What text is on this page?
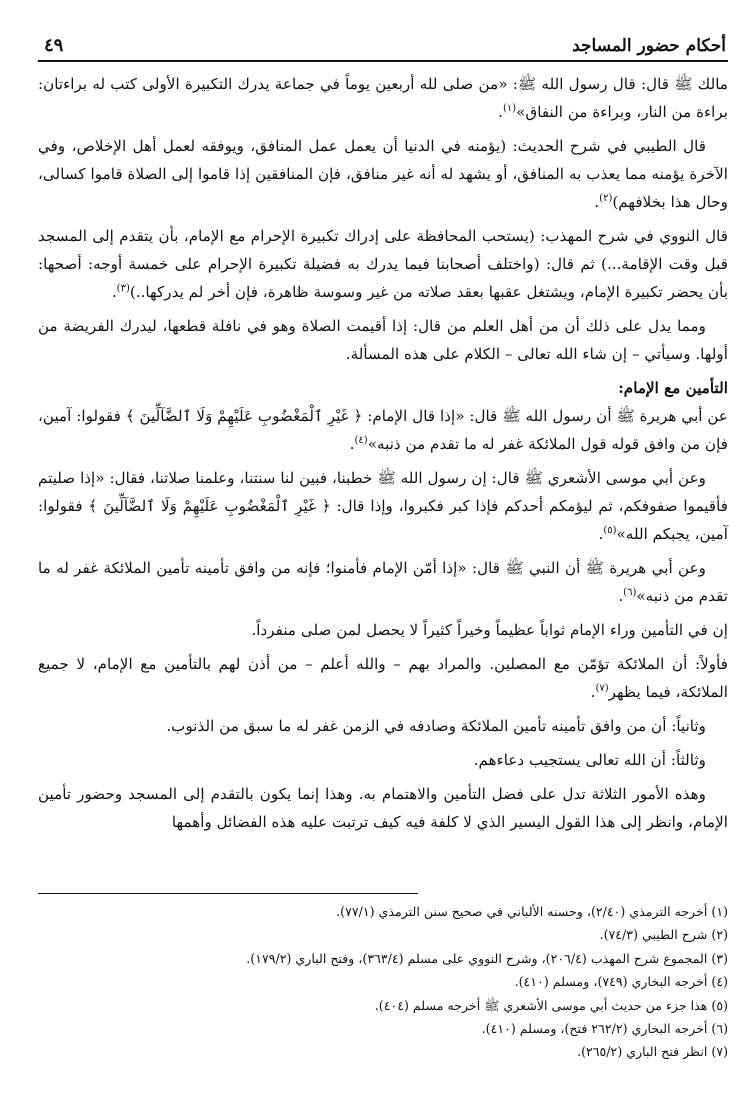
أحكام حضور المساجد
٤٩

مالك ﷺ قال: قال رسول الله ﷺ: «من صلى لله أربعين يوماً في جماعة يدرك التكبيرة الأولى كتب له براءتان: براءة من النار، وبراءة من النفاق»$^{(١)}$.

قال الطيبي في شرح الحديث: (يؤمنه في الدنيا أن يعمل عمل المنافق، ويوفقه لعمل أهل الإخلاص، وفي الآخرة يؤمنه مما يعذب به المنافق، أو يشهد له أنه غير منافق، فإن المنافقين إذا قاموا إلى الصلاة قاموا كسالى، وحال هذا بخلافهم)$^{(٢)}$.

قال النووي في شرح المهذب: (يستحب المحافظة على إدراك تكبيرة الإحرام مع الإمام، بأن يتقدم إلى المسجد قبل وقت الإقامة...) ثم قال: (واختلف أصحابنا فيما يدرك به فضيلة تكبيرة الإحرام على خمسة أوجه: أصحها: بأن يحضر تكبيرة الإمام، ويشتغل عقبها بعقد صلاته من غير وسوسة ظاهرة، فإن أخر لم يدركها..)$^{(٣)}$.

ومما يدل على ذلك أن من أهل العلم من قال: إذا أقيمت الصلاة وهو في نافلة قطعها، ليدرك الفريضة من أولها. وسيأتي – إن شاء الله تعالى – الكلام على هذه المسألة.

التأمين مع الإمام:

عن أبي هريرة ﷺ أن رسول الله ﷺ قال: «إذا قال الإمام: ﴿ غَيْرِ ٱلْمَغْضُوبِ عَلَيْهِمْ وَلَا ٱلضَّآلِّينَ ﴾ فقولوا: آمين، فإن من وافق قوله قول الملائكة غفر له ما تقدم من ذنبه»$^{(٤)}$.

وعن أبي موسى الأشعري ﷺ قال: إن رسول الله ﷺ خطبنا، فبين لنا سنتنا، وعلمنا صلاتنا، فقال: «إذا صليتم فأقيموا صفوفكم، ثم ليؤمكم أحدكم فإذا كبر فكبروا، وإذا قال: ﴿ غَيْرِ ٱلْمَغْضُوبِ عَلَيْهِمْ وَلَا ٱلضَّآلِّينَ ﴾ فقولوا: آمين، يجبكم الله»$^{(٥)}$.

وعن أبي هريرة ﷺ أن النبي ﷺ قال: «إذا أمّن الإمام فأمنوا؛ فإنه من وافق تأمينه تأمين الملائكة غفر له ما تقدم من ذنبه»$^{(٦)}$.

إن في التأمين وراء الإمام ثواباً عظيماً وخيراً كثيراً لا يحصل لمن صلى منفرداً.

فأولاً: أن الملائكة تؤمّن مع المصلين. والمراد بهم – والله أعلم – من أذن لهم بالتأمين مع الإمام، لا جميع الملائكة، فيما يظهر$^{(٧)}$.

وثانياً: أن من وافق تأمينه تأمين الملائكة وصادفه في الزمن غفر له ما سبق من الذنوب.

وثالثاً: أن الله تعالى يستجيب دعاءهم.

وهذه الأمور الثلاثة تدل على فضل التأمين والاهتمام به. وهذا إنما يكون بالتقدم إلى المسجد وحضور تأمين الإمام، وانظر إلى هذا القول اليسير الذي لا كلفة فيه كيف ترتبت عليه هذه الفضائل وأهمها

(١) أخرجه الترمذي (٢/٤٠)، وحسنه الألباني في صحيح سنن الترمذي (٧٧/١).
(٢) شرح الطيبي (٧٤/٣).
(٣) المجموع شرح المهذب (٢٠٦/٤)، وشرح النووي على مسلم (٣٦٣/٤)، وفتح الباري (١٧٩/٢).
(٤) أخرجه البخاري (٧٤٩)، ومسلم (٤١٠).
(٥) هذا جزء من حديث أبي موسى الأشعري ﷺ أخرجه مسلم (٤٠٤).
(٦) أخرجه البخاري (٢٦٢/٢ فتح)، ومسلم (٤١٠).
(٧) انظر فتح الباري (٢٦٥/٢).
